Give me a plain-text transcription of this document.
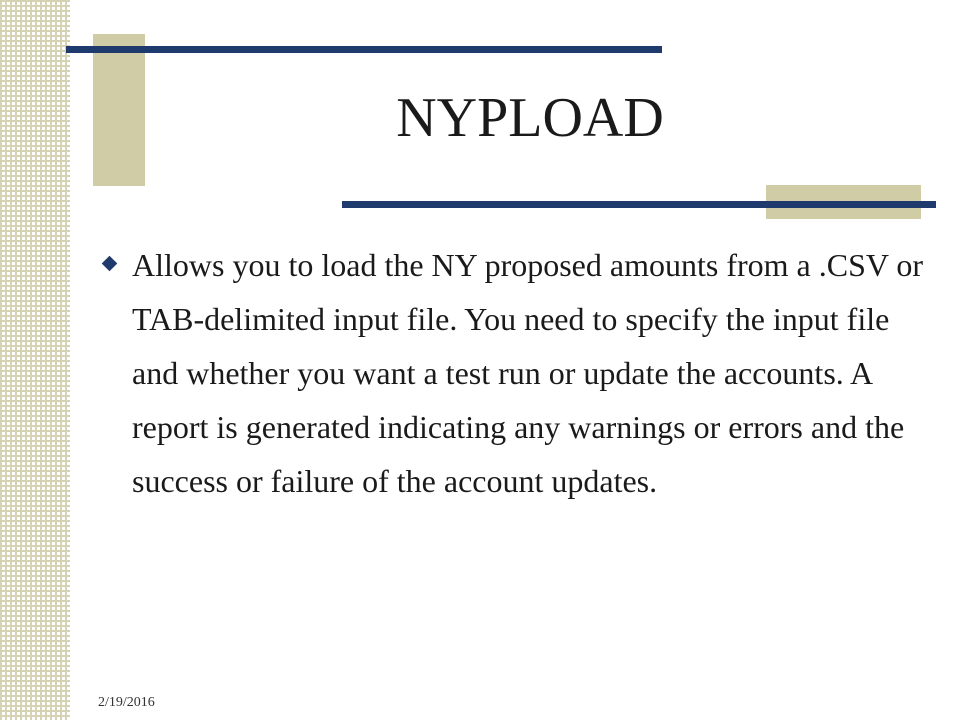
NYPLOAD
Allows you to load the NY proposed amounts from a .CSV or TAB-delimited input file. You need to specify the input file and whether you want a test run or update the accounts. A report is generated indicating any warnings or errors and the success or failure of the account updates.
2/19/2016
